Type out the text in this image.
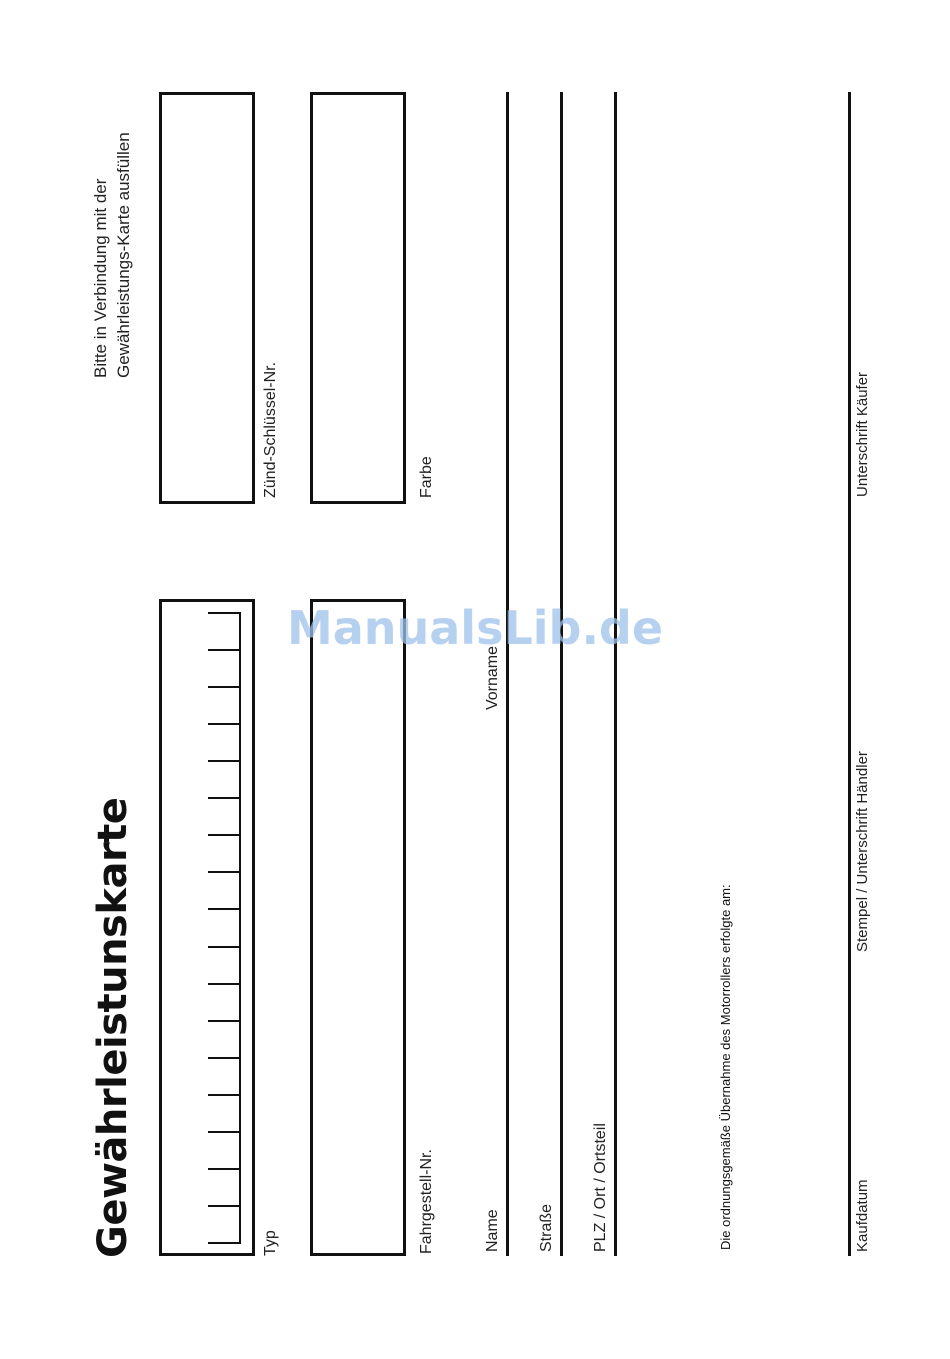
Gewährleistunskarte
Bitte in Verbindung mit der Gewährleistungs-Karte ausfüllen
Typ
Zünd-Schlüssel-Nr.
Fahrgestell-Nr.
Farbe
Name
Vorname
Straße PLZ / Ort / Ortsteil	Die ordnungsgemäße Übernahme des Motorrollers erfolgte am:	Kaufdatum
Stempel / Unterschrift Händler
Unterschrift Käufer
ManualsLib.de
